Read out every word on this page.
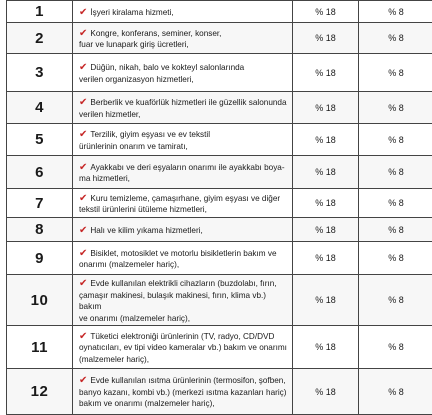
1	✔ İşyeri kiralama hizmeti,	% 18	% 8
2	✔ Kongre, konferans, seminer, konser,
fuar ve lunapark giriş ücretleri,
% 18	% 8
3	✔ Düğün, nikah, balo ve kokteyl salonlarında
verilen organizasyon hizmetleri,
% 18	% 8
4	✔ Berberlik ve kuaförlük hizmetleri ile güzellik salonunda
verilen hizmetler,
% 18	% 8
5	✔ Terzilik, giyim eşyası ve ev tekstil
ürünlerinin onarım ve tamiratı,
% 18	% 8
6	✔ Ayakkabı ve deri eşyaların onarımı ile ayakkabı boya-
ma hizmetleri,
% 18	% 8
7	✔ Kuru temizleme, çamaşırhane, giyim eşyası ve diğer
tekstil ürünlerini ütüleme hizmetleri,
% 18	% 8
8	✔ Halı ve kilim yıkama hizmetleri,	% 18	% 8
9	✔ Bisiklet, motosiklet ve motorlu bisikletlerin bakım ve
onarımı (malzemeler hariç),
% 18	% 8
10
✔ Evde kullanılan elektrikli cihazların (buzdolabı, fırın,
çamaşır makinesi, bulaşık makinesi, fırın, klima vb.) bakım
ve onarımı (malzemeler hariç),
% 18	% 8
11
✔ Tüketici elektroniği ürünlerinin (TV, radyo, CD/DVD
oynatıcıları, ev tipi video kameralar vb.) bakım ve onarımı
(malzemeler hariç),
% 18	% 8
12
✔ Evde kullanılan ısıtma ürünlerinin (termosifon, şofben,
banyo kazanı, kombi vb.) (merkezi ısıtma kazanları hariç)
bakım ve onarımı (malzemeler hariç),
% 18	% 8
